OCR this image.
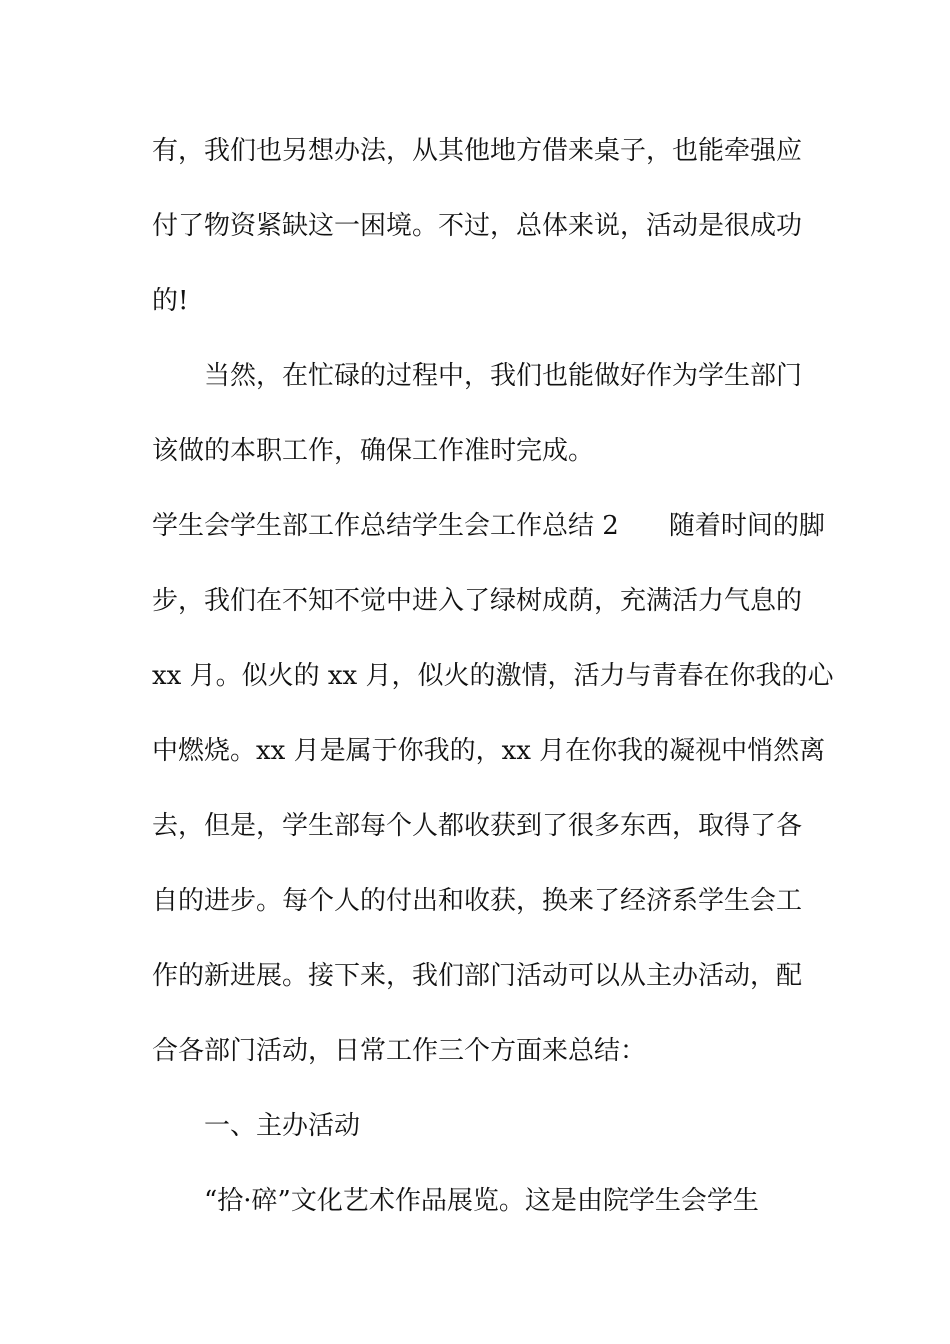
有，我们也另想办法，从其他地方借来桌子，也能牵强应
付了物资紧缺这一困境。不过，总体来说，活动是很成功
的!
当然，在忙碌的过程中，我们也能做好作为学生部门
该做的本职工作，确保工作准时完成。
学生会学生部工作总结学生会工作总结 2 随着时间的脚
步，我们在不知不觉中进入了绿树成荫，充满活力气息的
xx 月。似火的 xx 月，似火的激情，活力与青春在你我的心
中燃烧。xx 月是属于你我的，xx 月在你我的凝视中悄然离
去，但是，学生部每个人都收获到了很多东西，取得了各
自的进步。每个人的付出和收获，换来了经济系学生会工
作的新进展。接下来，我们部门活动可以从主办活动，配
合各部门活动，日常工作三个方面来总结：
一、主办活动
“拾·碎”文化艺术作品展览。这是由院学生会学生
